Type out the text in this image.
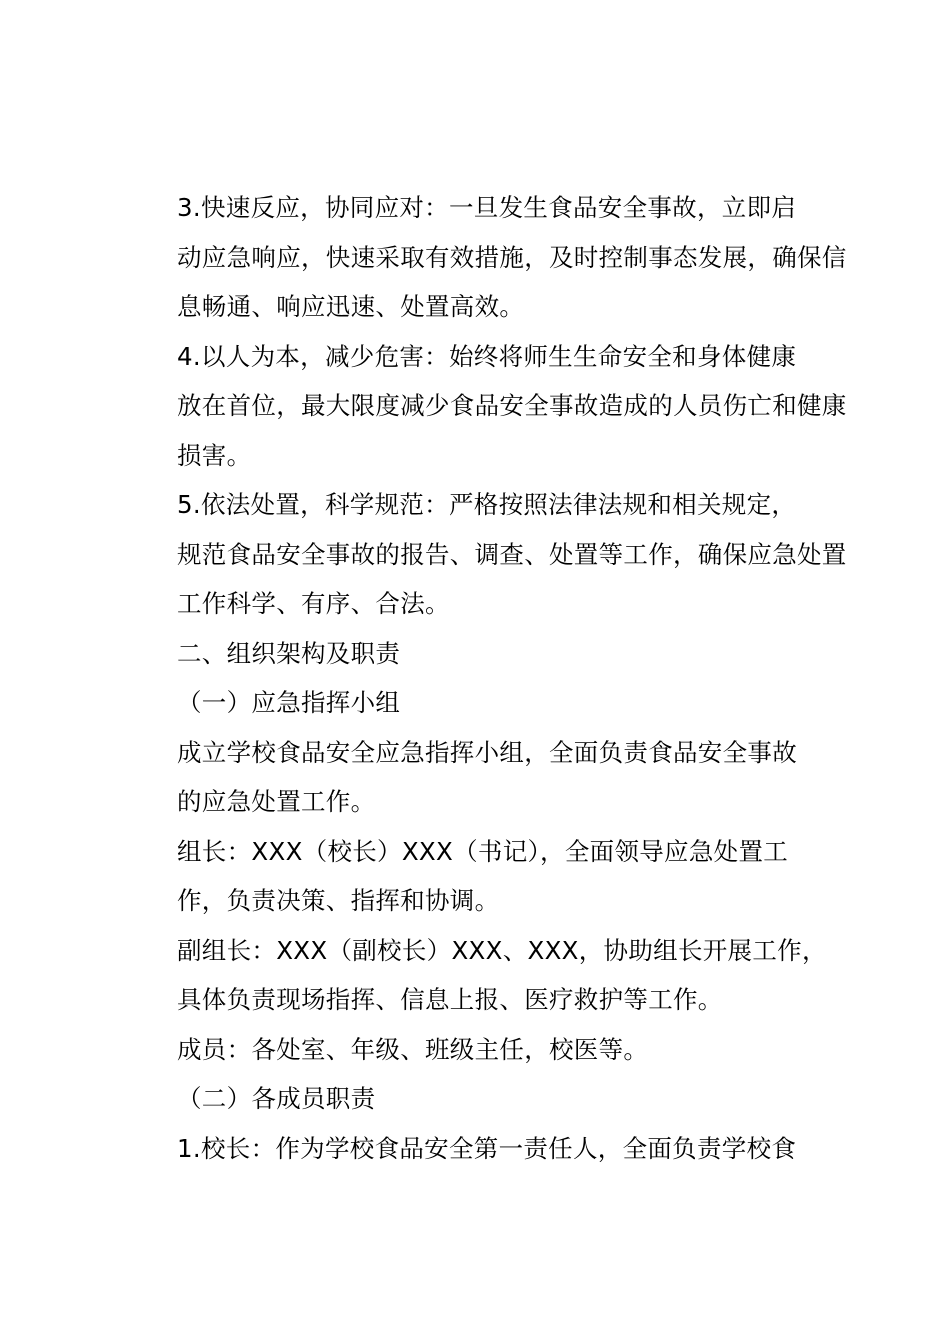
3.快速反应，协同应对：一旦发生食品安全事故，立即启
动应急响应，快速采取有效措施，及时控制事态发展，确保信
息畅通、响应迅速、处置高效。

4.以人为本，减少危害：始终将师生生命安全和身体健康
放在首位，最大限度减少食品安全事故造成的人员伤亡和健康
损害。

5.依法处置，科学规范：严格按照法律法规和相关规定，
规范食品安全事故的报告、调查、处置等工作，确保应急处置
工作科学、有序、合法。

二、组织架构及职责

（一）应急指挥小组

成立学校食品安全应急指挥小组，全面负责食品安全事故
的应急处置工作。

组长：XXX（校长）XXX（书记），全面领导应急处置工
作，负责决策、指挥和协调。

副组长：XXX（副校长）XXX、XXX，协助组长开展工作，
具体负责现场指挥、信息上报、医疗救护等工作。

成员：各处室、年级、班级主任，校医等。

（二）各成员职责

1.校长：作为学校食品安全第一责任人，全面负责学校食
